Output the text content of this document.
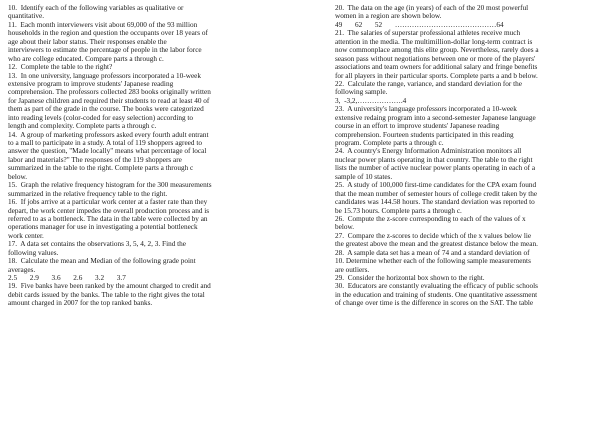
10.  Identify each of the following variables as qualitative or
quantitative.
11.  Each month interviewers visit about 69,000 of the 93 million
households in the region and question the occupants over 18 years of
age about their labor status. Their responses enable the
interviewers to estimate the percentage of people in the labor force
who are college educated. Compare parts a through c.
12.  Complete the table to the right?
13.  In one university, language professors incorporated a 10-week
extensive program to improve students' Japanese reading
comprehension. The professors collected 283 books originally written
for Japanese children and required their students to read at least 40 of
them as part of the grade in the course. The books were categorized
into reading levels (color-coded for easy selection) according to
length and complexity. Complete parts a through c.
14.  A group of marketing professors asked every fourth adult entrant
to a mall to participate in a study. A total of 119 shoppers agreed to
answer the question, "Made locally" means what percentage of local
labor and materials?" The responses of the 119 shoppers are
summarized in the table to the right. Complete parts a through c
below.
15.  Graph the relative frequency histogram for the 300 measurements
summarized in the relative frequency table to the right.
16.  If jobs arrive at a particular work center at a faster rate than they
depart, the work center impedes the overall production process and is
referred to as a bottleneck. The data in the table were collected by an
operations manager for use in investigating a potential bottleneck
work center.
17.  A data set contains the observations 3, 5, 4, 2, 3. Find the
following values.
18.  Calculate the mean and Median of the following grade point
averages.
2.5       2.9       3.6       2.6       3.2       3.7
19.  Five banks have been ranked by the amount charged to credit and
debit cards issued by the banks. The table to the right gives the total
amount charged in 2007 for the top ranked banks.
20.  The data on the age (in years) of each of the 20 most powerful
women in a region are shown below.
49       62       52       ……………………………………64
21.  The salaries of superstar professional athletes receive much
attention in the media. The multimillion-dollar long-term contract is
now commonplace among this elite group. Nevertheless, rarely does a
season pass without negotiations between one or more of the players'
associations and team owners for additional salary and fringe benefits
for all players in their particular sports. Complete parts a and b below.
22.  Calculate the range, variance, and standard deviation for the
following sample.
3,  -3,2,……………….4
23.  A university's language professors incorporated a 10-week
extensive redaing program into a second-semester Japanese language
course in an effort to improve students' Japanese reading
comprehension. Fourteen students participated in this reading
program. Complete parts a through c.
24.  A country's Energy Information Administration monitors all
nuclear power plants operating in that country. The table to the right
lists the number of active nuclear power plants operating in each of a
sample of 10 states.
25.  A study of 100,000 first-time candidates for the CPA exam found
that the mean number of semester hours of college credit taken by the
candidates was 144.58 hours. The standard deviation was reported to
be 15.73 hours. Complete parts a through c.
26.  Compute the z-score corresponding to each of the values of x
below.
27.  Compare the z-scores to decide which of the x values below lie
the greatest above the mean and the greatest distance below the mean.
28.  A sample data set has a mean of 74 and a standard deviation of
10. Determine whether each of the following sample measurements
are outliers.
29.  Consider the horizontal box shown to the right.
30.  Educators are constantly evaluating the efficacy of public schools
in the education and training of students. One quantitative assessment
of change over time is the difference in scores on the SAT. The table
